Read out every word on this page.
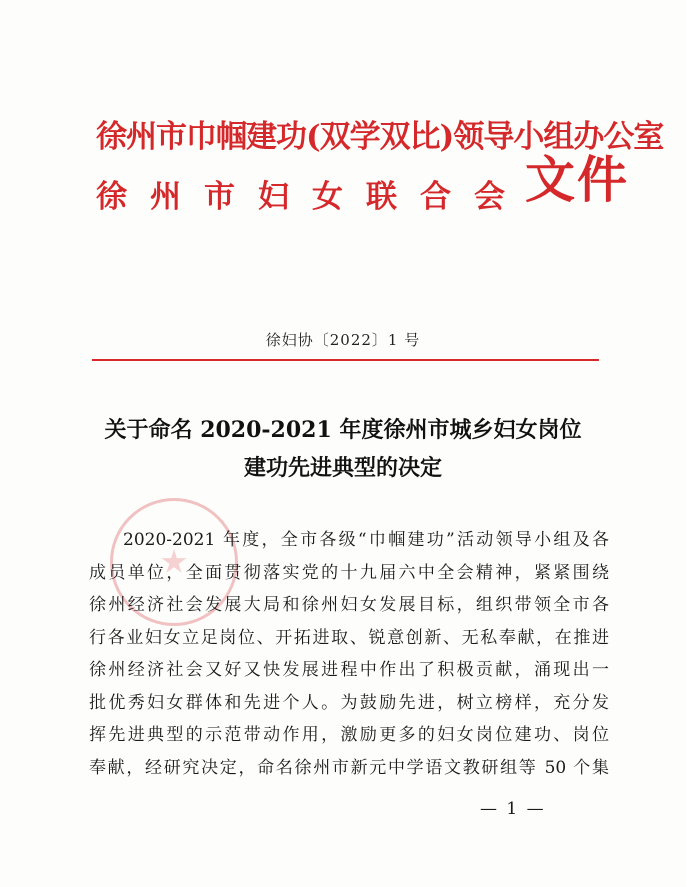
徐州市巾帼建功(双学双比)领导小组办公室
徐州市妇女联合会
文件
徐妇协〔2022〕1 号
关于命名 2020-2021 年度徐州市城乡妇女岗位
建功先进典型的决定
2020-2021 年度，全市各级“巾帼建功”活动领导小组及各
成员单位，全面贯彻落实党的十九届六中全会精神，紧紧围绕
徐州经济社会发展大局和徐州妇女发展目标，组织带领全市各
行各业妇女立足岗位、开拓进取、锐意创新、无私奉献，在推进
徐州经济社会又好又快发展进程中作出了积极贡献，涌现出一
批优秀妇女群体和先进个人。为鼓励先进，树立榜样，充分发
挥先进典型的示范带动作用，激励更多的妇女岗位建功、岗位
奉献，经研究决定，命名徐州市新元中学语文教研组等 50 个集
— 1 —
